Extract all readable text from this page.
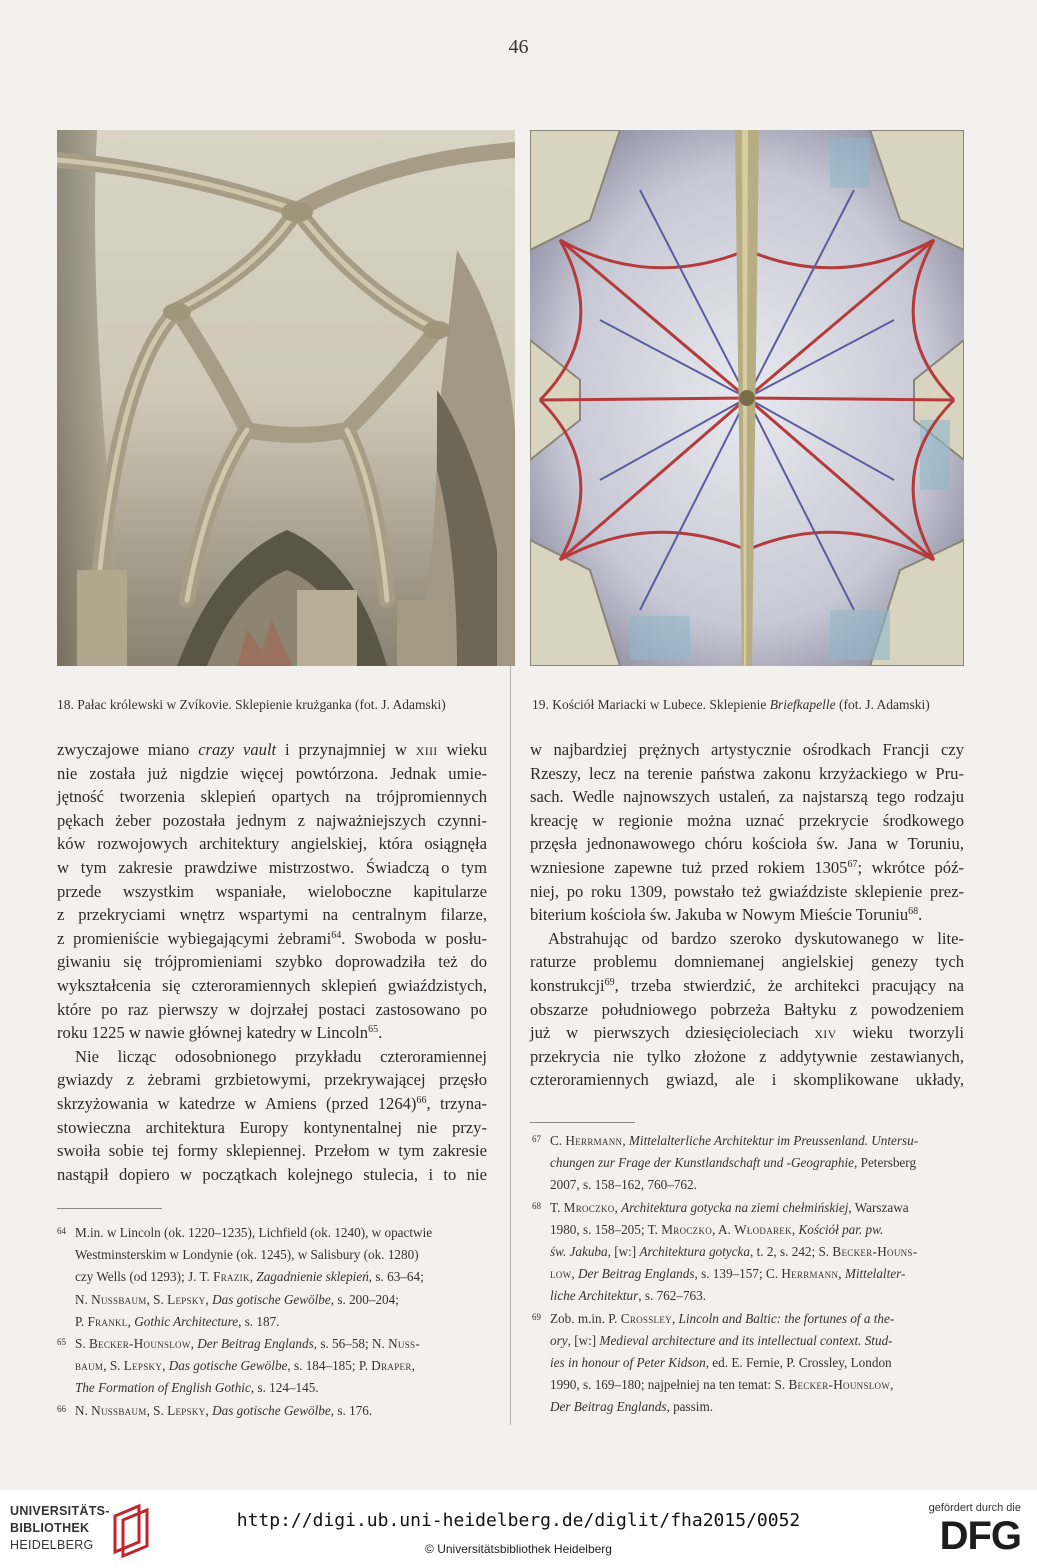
46
18. Pałac królewski w Zvíkovie. Sklepienie krużganka (fot. J. Adamski)	19. Kościół Mariacki w Lubece. Sklepienie Briefkapelle (fot. J. Adamski)
zwyczajowe miano crazy vault i przynajmniej w xiii wieku
nie została już nigdzie więcej powtórzona. Jednak umie-
jętność tworzenia sklepień opartych na trójpromiennych
pękach żeber pozostała jednym z najważniejszych czynni-
ków rozwojowych architektury angielskiej, która osiągnęła
w tym zakresie prawdziwe mistrzostwo. Świadczą o tym
przede wszystkim wspaniałe, wieloboczne kapitularze
z przekryciami wnętrz wspartymi na centralnym filarze,
z promieniście wybiegającymi żebrami$^{64}$. Swoboda w posłu-
giwaniu się trójpromieniami szybko doprowadziła też do
wykształcenia się czteroramiennych sklepień gwiaździstych,
które po raz pierwszy w dojrzałej postaci zastosowano po
roku 1225 w nawie głównej katedry w Lincoln$^{65}$.
Nie licząc odosobnionego przykładu czteroramiennej
gwiazdy z żebrami grzbietowymi, przekrywającej przęsło
skrzyżowania w katedrze w Amiens (przed 1264)$^{66}$, trzyna-
stowieczna architektura Europy kontynentalnej nie przy-
swoiła sobie tej formy sklepiennej. Przełom w tym zakresie
nastąpił dopiero w początkach kolejnego stulecia, i to nie
w najbardziej prężnych artystycznie ośrodkach Francji czy
Rzeszy, lecz na terenie państwa zakonu krzyżackiego w Pru-
sach. Wedle najnowszych ustaleń, za najstarszą tego rodzaju
kreację w regionie można uznać przekrycie środkowego
przęsła jednonawowego chóru kościoła św. Jana w Toruniu,
wzniesione zapewne tuż przed rokiem 1305$^{67}$; wkrótce póź-
niej, po roku 1309, powstało też gwiaździste sklepienie prez-
biterium kościoła św. Jakuba w Nowym Mieście Toruniu$^{68}$.
Abstrahując od bardzo szeroko dyskutowanego w lite-
raturze problemu domniemanej angielskiej genezy tych
konstrukcji$^{69}$, trzeba stwierdzić, że architekci pracujący na
obszarze południowego pobrzeża Bałtyku z powodzeniem
już w pierwszych dziesięcioleciach xiv wieku tworzyli
przekrycia nie tylko złożone z addytywnie zestawianych,
czteroramiennych gwiazd, ale i skomplikowane układy,
64 M.in. w Lincoln (ok. 1220–1235), Lichfield (ok. 1240), w opactwie
Westminsterskim w Londynie (ok. 1245), w Salisbury (ok. 1280)
czy Wells (od 1293); J. T. Frazik, Zagadnienie sklepień, s. 63–64;
N. Nussbaum, S. Lepsky, Das gotische Gewölbe, s. 200–204;
P. Frankl, Gothic Architecture, s. 187.
65 S. Becker-Hounslow, Der Beitrag Englands, s. 56–58; N. Nuss-
baum, S. Lepsky, Das gotische Gewölbe, s. 184–185; P. Draper,
The Formation of English Gothic, s. 124–145.
66 N. Nussbaum, S. Lepsky, Das gotische Gewölbe, s. 176.
67 C. Herrmann, Mittelalterliche Architektur im Preussenland. Untersu-
chungen zur Frage der Kunstlandschaft und -Geographie, Petersberg
2007, s. 158–162, 760–762.
68 T. Mroczko, Architektura gotycka na ziemi chełmińskiej, Warszawa
1980, s. 158–205; T. Mroczko, A. Włodarek, Kościół par. pw.
św. Jakuba, [w:] Architektura gotycka, t. 2, s. 242; S. Becker-Houns-
low, Der Beitrag Englands, s. 139–157; C. Herrmann, Mittelalter-
liche Architektur, s. 762–763.
69 Zob. m.in. P. Crossley, Lincoln and Baltic: the fortunes of a the-
ory, [w:] Medieval architecture and its intellectual context. Stud-
ies in honour of Peter Kidson, ed. E. Fernie, P. Crossley, London
1990, s. 169–180; najpełniej na ten temat: S. Becker-Hounslow,
Der Beitrag Englands, passim.
UNIVERSITÄTS-
BIBLIOTHEK
HEIDELBERG
http://digi.ub.uni-heidelberg.de/diglit/fha2015/0052
© Universitätsbibliothek Heidelberg
gefördert durch die
DFG
